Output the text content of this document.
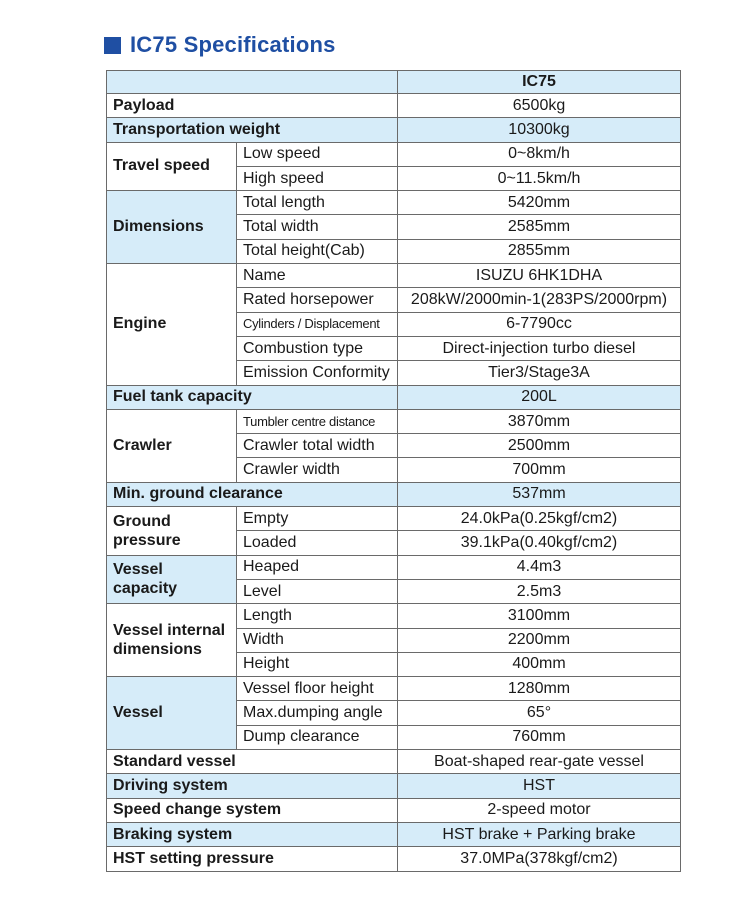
IC75 Specifications
		IC75
Payload		6500kg
Transportation weight		10300kg
Travel speed	Low speed	0~8km/h
	High speed	0~11.5km/h
Dimensions	Total length	5420mm
	Total width	2585mm
	Total height(Cab)	2855mm
Engine	Name	ISUZU 6HK1DHA
	Rated horsepower	208kW/2000min-1(283PS/2000rpm)
	Cylinders / Displacement	6-7790cc
	Combustion type	Direct-injection turbo diesel
	Emission Conformity	Tier3/Stage3A
Fuel tank capacity		200L
Crawler	Tumbler centre distance	3870mm
	Crawler total width	2500mm
	Crawler width	700mm
Min. ground clearance		537mm
Ground pressure	Empty	24.0kPa(0.25kgf/cm2)
	Loaded	39.1kPa(0.40kgf/cm2)
Vessel capacity	Heaped	4.4m3
	Level	2.5m3
Vessel internal dimensions	Length	3100mm
	Width	2200mm
	Height	400mm
Vessel	Vessel floor height	1280mm
	Max.dumping angle	65°
	Dump clearance	760mm
Standard vessel		Boat-shaped rear-gate vessel
Driving system		HST
Speed change system		2-speed motor
Braking system		HST brake + Parking brake
HST setting pressure		37.0MPa(378kgf/cm2)
